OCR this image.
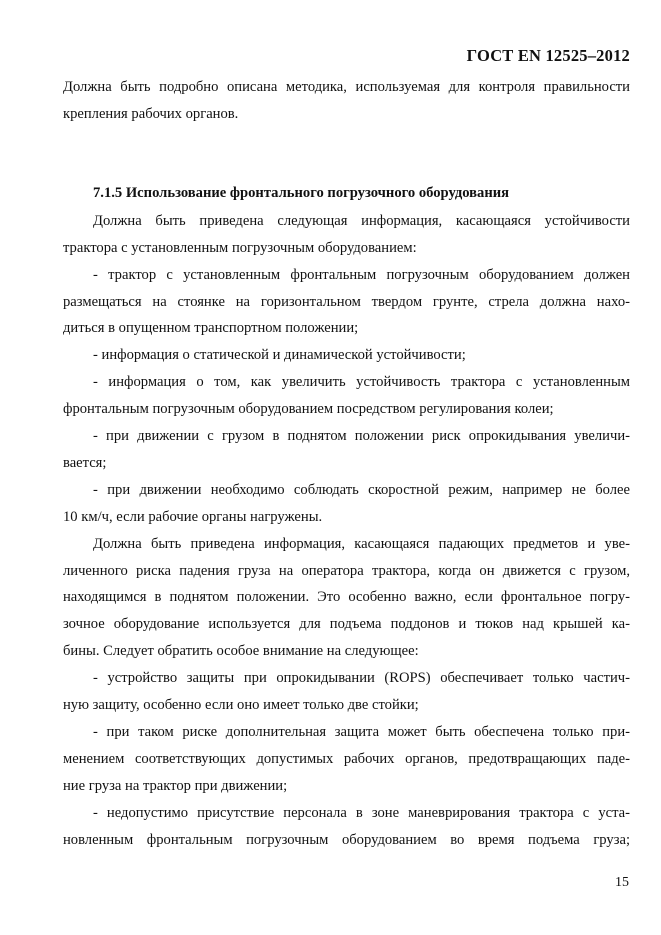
ГОСТ EN 12525–2012
Должна быть подробно описана методика, используемая для контроля правильности
крепления рабочих органов.
7.1.5 Использование фронтального погрузочного оборудования
Должна быть приведена следующая информация, касающаяся устойчивости
трактора с установленным погрузочным оборудованием:
- трактор с установленным фронтальным погрузочным оборудованием должен
размещаться на стоянке на горизонтальном твердом грунте, стрела должна нахо-
диться в опущенном транспортном положении;
- информация о статической и динамической устойчивости;
- информация о том, как увеличить устойчивость трактора с установленным
фронтальным погрузочным оборудованием посредством регулирования колеи;
- при движении с грузом в поднятом положении риск опрокидывания увеличи-
вается;
- при движении необходимо соблюдать скоростной режим, например не более
10 км/ч, если рабочие органы нагружены.
Должна быть приведена информация, касающаяся падающих предметов и уве-
личенного риска падения груза на оператора трактора, когда он движется с грузом,
находящимся в поднятом положении. Это особенно важно, если фронтальное погру-
зочное оборудование используется для подъема поддонов и тюков над крышей ка-
бины. Следует обратить особое внимание на следующее:
- устройство защиты при опрокидывании (ROPS) обеспечивает только частич-
ную защиту, особенно если оно имеет только две стойки;
- при таком риске дополнительная защита может быть обеспечена только при-
менением соответствующих допустимых рабочих органов, предотвращающих паде-
ние груза на трактор при движении;
- недопустимо присутствие персонала в зоне маневрирования трактора с уста-
новленным фронтальным погрузочным оборудованием во время подъема груза;
15
